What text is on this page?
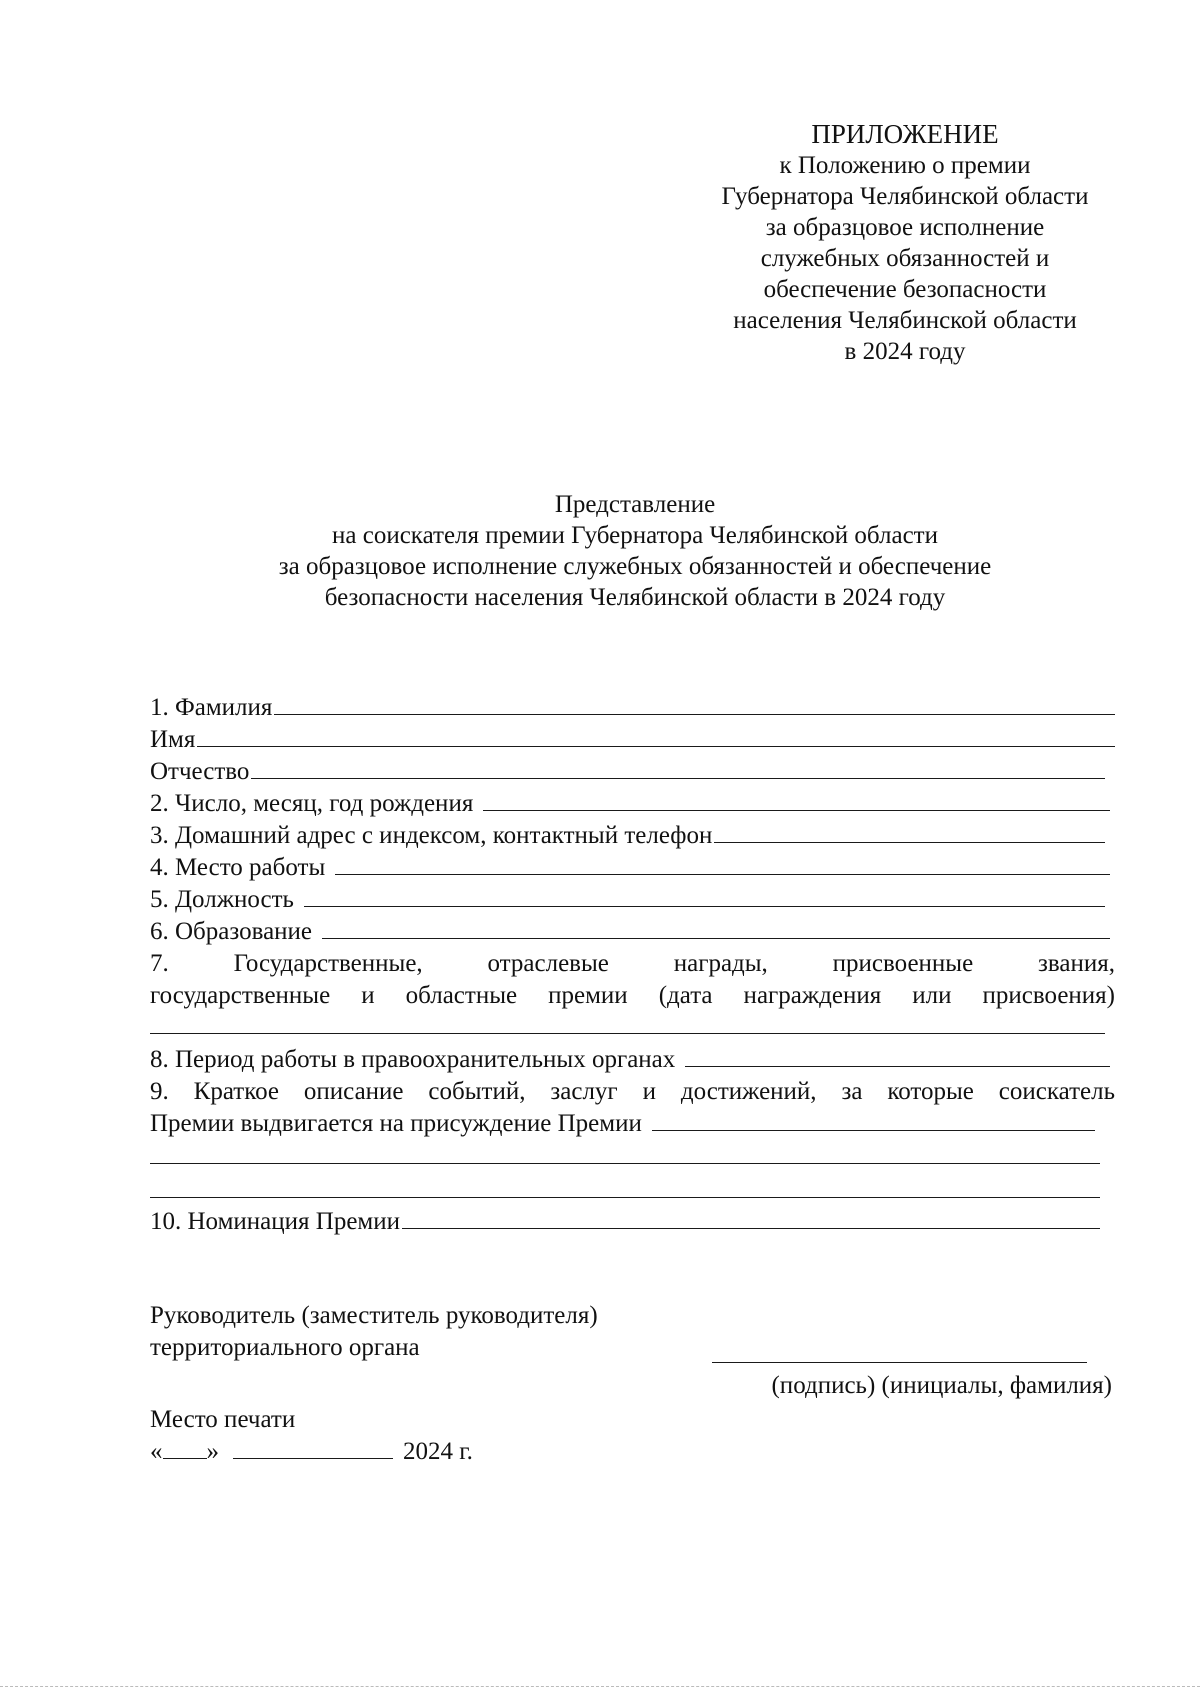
ПРИЛОЖЕНИЕ
к Положению о премии
Губернатора Челябинской области
за образцовое исполнение
служебных обязанностей и
обеспечение безопасности
населения Челябинской области
в 2024 году
Представление
на соискателя премии Губернатора Челябинской области
за образцовое исполнение служебных обязанностей и обеспечение
безопасности населения Челябинской области в 2024 году
1. Фамилия
Имя
Отчество
2. Число, месяц, год рождения
3. Домашний адрес с индексом, контактный телефон
4. Место работы
5. Должность
6. Образование
7. Государственные, отраслевые награды, присвоенные звания,
государственные и областные премии (дата награждения или присвоения)
8. Период работы в правоохранительных органах
9. Краткое описание событий, заслуг и достижений, за которые соискатель
Премии выдвигается на присуждение Премии
10. Номинация Премии
Руководитель (заместитель руководителя)
территориального органа
(подпись) (инициалы, фамилия)
Место печати
« »	2024 г.
